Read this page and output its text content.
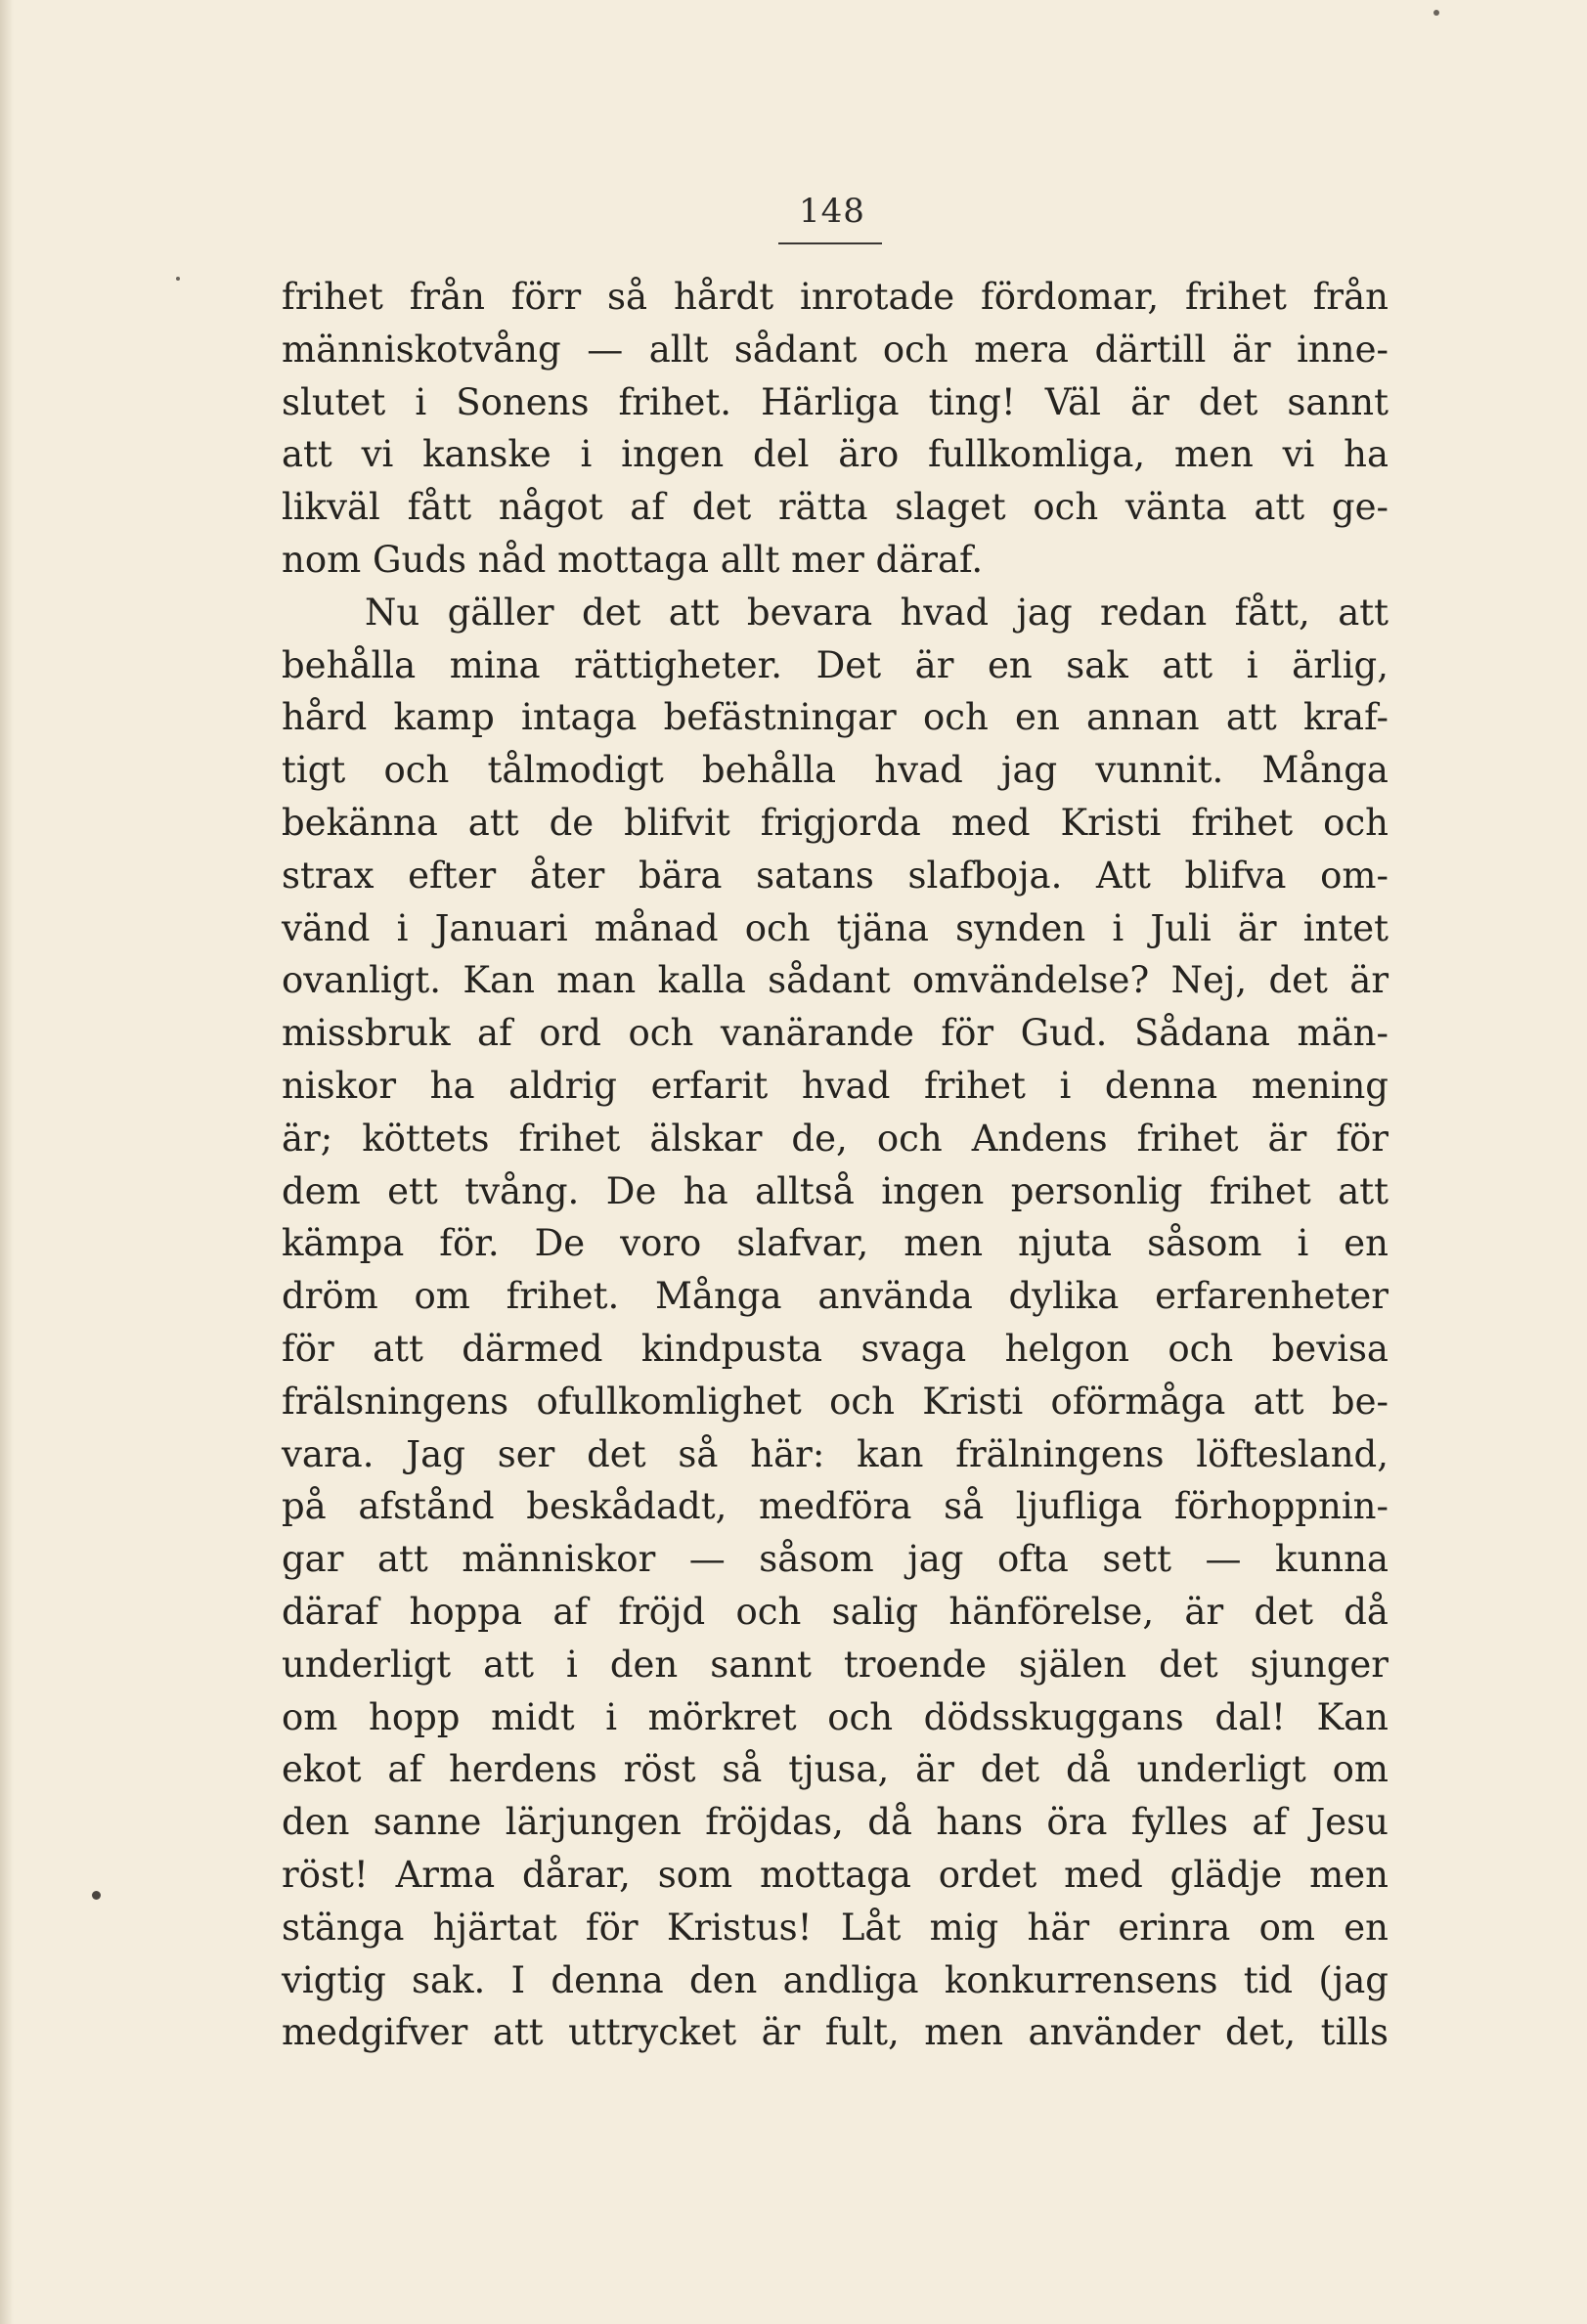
148
frihet från förr så hårdt inrotade fördomar, frihet från
människotvång — allt sådant och mera därtill är inne-
slutet i Sonens frihet. Härliga ting! Väl är det sannt
att vi kanske i ingen del äro fullkomliga, men vi ha
likväl fått något af det rätta slaget och vänta att ge-
nom Guds nåd mottaga allt mer däraf.
Nu gäller det att bevara hvad jag redan fått, att
behålla mina rättigheter. Det är en sak att i ärlig,
hård kamp intaga befästningar och en annan att kraf-
tigt och tålmodigt behålla hvad jag vunnit. Många
bekänna att de blifvit frigjorda med Kristi frihet och
strax efter åter bära satans slafboja. Att blifva om-
vänd i Januari månad och tjäna synden i Juli är intet
ovanligt. Kan man kalla sådant omvändelse? Nej, det är
missbruk af ord och vanärande för Gud. Sådana män-
niskor ha aldrig erfarit hvad frihet i denna mening
är; köttets frihet älskar de, och Andens frihet är för
dem ett tvång. De ha alltså ingen personlig frihet att
kämpa för. De voro slafvar, men njuta såsom i en
dröm om frihet. Många använda dylika erfarenheter
för att därmed kindpusta svaga helgon och bevisa
frälsningens ofullkomlighet och Kristi oförmåga att be-
vara. Jag ser det så här: kan frälningens löftesland,
på afstånd beskådadt, medföra så ljufliga förhoppnin-
gar att människor — såsom jag ofta sett — kunna
däraf hoppa af fröjd och salig hänförelse, är det då
underligt att i den sannt troende själen det sjunger
om hopp midt i mörkret och dödsskuggans dal! Kan
ekot af herdens röst så tjusa, är det då underligt om
den sanne lärjungen fröjdas, då hans öra fylles af Jesu
röst! Arma dårar, som mottaga ordet med glädje men
stänga hjärtat för Kristus! Låt mig här erinra om en
vigtig sak. I denna den andliga konkurrensens tid (jag
medgifver att uttrycket är fult, men använder det, tills
